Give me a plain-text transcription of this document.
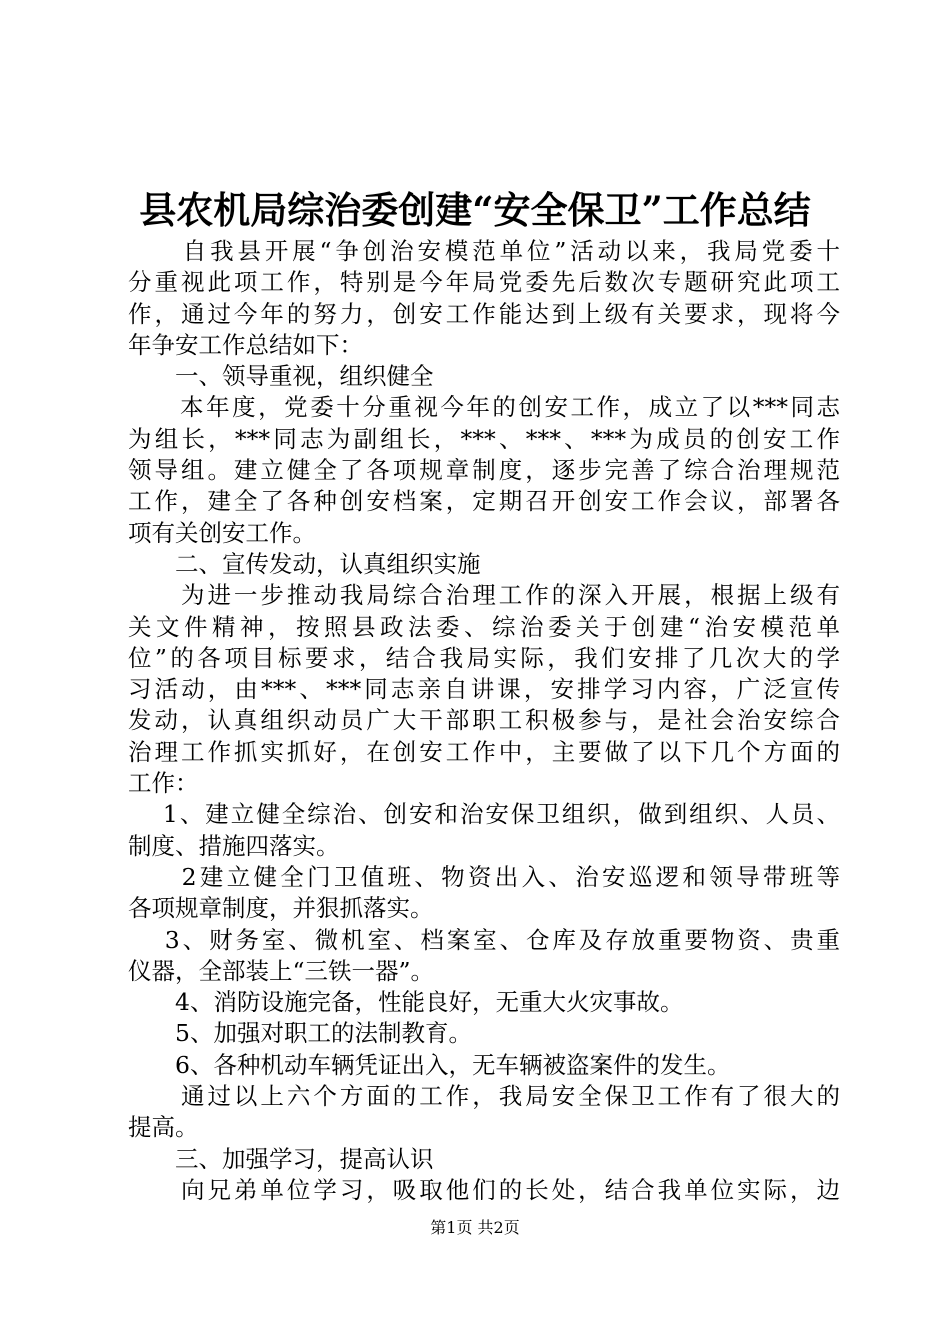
县农机局综治委创建“安全保卫”工作总结
　　自我县开展“争创治安模范单位”活动以来，我局党委十
分重视此项工作，特别是今年局党委先后数次专题研究此项工
作，通过今年的努力，创安工作能达到上级有关要求，现将今
年争安工作总结如下：
　　一、领导重视，组织健全
　　本年度，党委十分重视今年的创安工作，成立了以***同志
为组长，***同志为副组长，***、***、***为成员的创安工作
领导组。建立健全了各项规章制度，逐步完善了综合治理规范
工作，建全了各种创安档案，定期召开创安工作会议，部署各
项有关创安工作。
　　二、宣传发动，认真组织实施
　　为进一步推动我局综合治理工作的深入开展，根据上级有
关文件精神，按照县政法委、综治委关于创建“治安模范单
位”的各项目标要求，结合我局实际，我们安排了几次大的学
习活动，由***、***同志亲自讲课，安排学习内容，广泛宣传
发动，认真组织动员广大干部职工积极参与，是社会治安综合
治理工作抓实抓好，在创安工作中，主要做了以下几个方面的
工作：
　 1、建立健全综治、创安和治安保卫组织，做到组织、人员、
制度、措施四落实。
　　2建立健全门卫值班、物资出入、治安巡逻和领导带班等
各项规章制度，并狠抓落实。
　 3、财务室、微机室、档案室、仓库及存放重要物资、贵重
仪器，全部装上“三铁一器”。
　　4、消防设施完备，性能良好，无重大火灾事故。
　　5、加强对职工的法制教育。
　　6、各种机动车辆凭证出入，无车辆被盗案件的发生。
　　通过以上六个方面的工作，我局安全保卫工作有了很大的
提高。
　　三、加强学习，提高认识
　　向兄弟单位学习，吸取他们的长处，结合我单位实际，边
第1页 共2页
